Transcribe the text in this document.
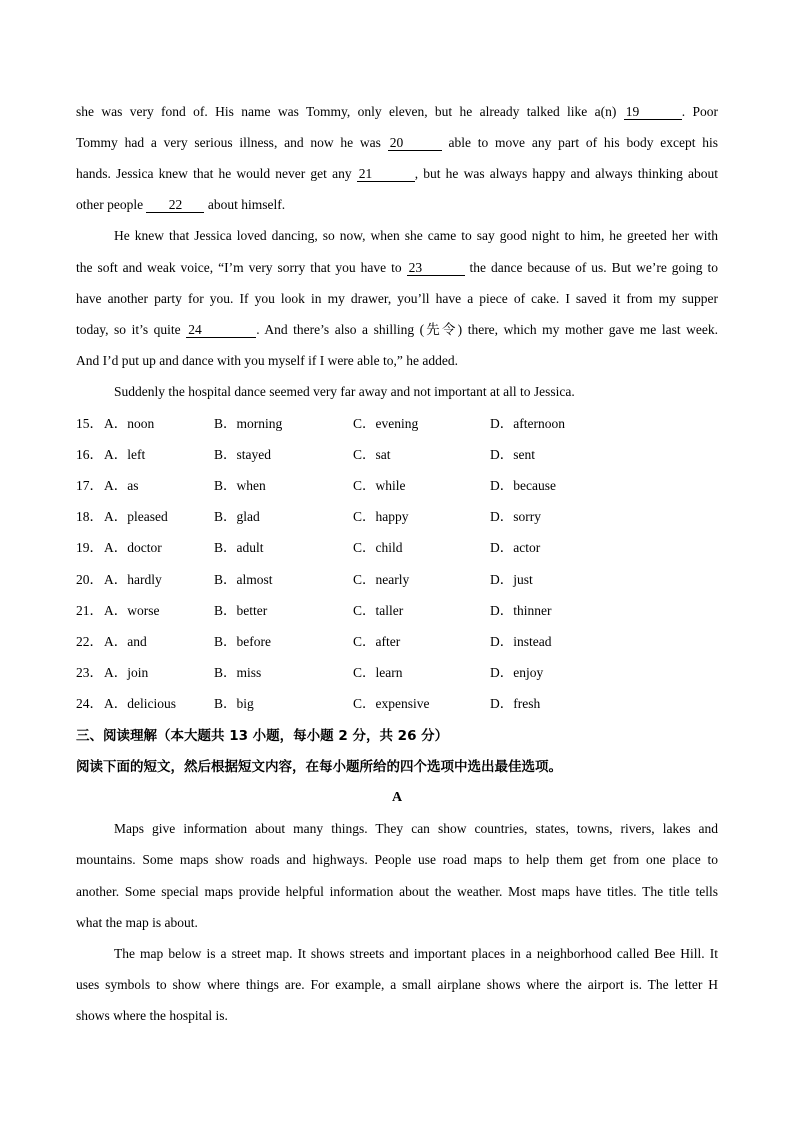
she was very fond of. His name was Tommy, only eleven, but he already talked like a(n) 19	. Poor
Tommy had a very serious illness, and now he was 20	able to move any part of his body except his
hands. Jessica knew that he would never get any 21	, but he was always happy and always thinking about
other people 22 about himself.
He knew that Jessica loved dancing, so now, when she came to say good night to him, he greeted her with
the soft and weak voice, “I’m very sorry that you have to 23	the dance because of us. But we’re going to
have another party for you. If you look in my drawer, you’ll have a piece of cake. I saved it from my supper
today, so it’s quite 24	. And there’s also a shilling (先令) there, which my mother gave me last week.
And I’d put up and dance with you myself if I were able to,” he added.
Suddenly the hospital dance seemed very far away and not important at all to Jessica.
15． A．noon	B．morning	C．evening	D．afternoon
16． A．left	B．stayed	C．sat	D．sent
17． A．as	B．when	C．while	D．because
18． A．pleased	B．glad	C．happy	D．sorry
19． A．doctor	B．adult	C．child	D．actor
20． A．hardly	B．almost	C．nearly	D．just
21． A．worse	B．better	C．taller	D．thinner
22． A．and	B．before	C．after	D．instead
23． A．join	B．miss	C．learn	D．enjoy
24． A．delicious	B．big	C．expensive	D．fresh
三、阅读理解（本大题共 13 小题，每小题 2 分，共 26 分）
阅读下面的短文，然后根据短文内容，在每小题所给的四个选项中选出最佳选项。
A
Maps give information about many things. They can show countries, states, towns, rivers, lakes and
mountains. Some maps show roads and highways. People use road maps to help them get from one place to
another. Some special maps provide helpful information about the weather. Most maps have titles. The title tells
what the map is about.
The map below is a street map. It shows streets and important places in a neighborhood called Bee Hill. It
uses symbols to show where things are. For example, a small airplane shows where the airport is. The letter H
shows where the hospital is.
